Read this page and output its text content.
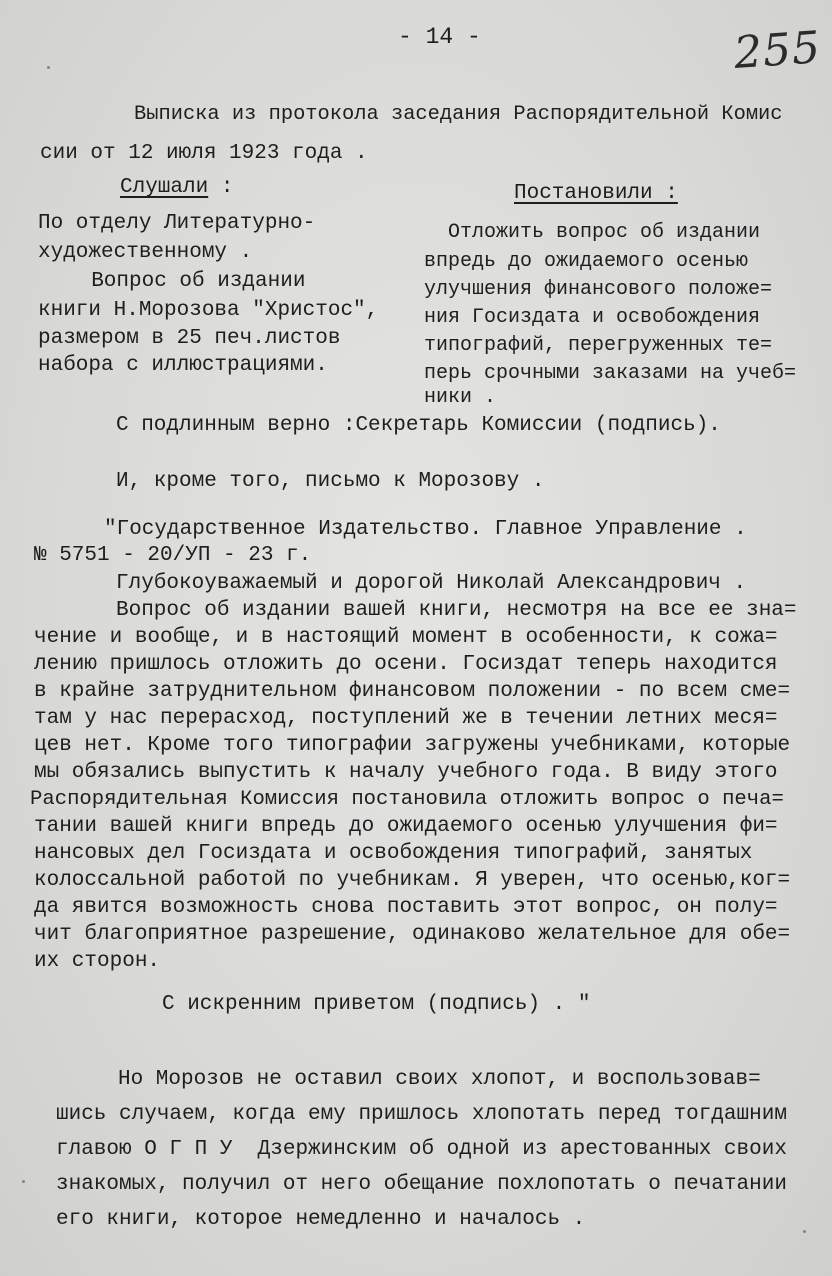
- 14 -	255
Выписка из протокола заседания Распорядительной Комис
сии от 12 июля 1923 года .
Слушали :	Постановили :
По отделу Литературно-
художественному .
Вопрос об издании
книги Н.Морозова "Христос",
размером в 25 печ.листов
набора с иллюстрациями.
Отложить вопрос об издании
впредь до ожидаемого осенью
улучшения финансового положе=
ния Госиздата и освобождения
типографий, перегруженных те=
перь срочными заказами на учеб=
ники .
С подлинным верно :Секретарь Комиссии (подпись).
И, кроме того, письмо к Морозову .
"Государственное Издательство. Главное Управление .
№ 5751 - 20/УП - 23 г.
Глубокоуважаемый и дорогой Николай Александрович .
Вопрос об издании вашей книги, несмотря на все ее зна=
чение и вообще, и в настоящий момент в особенности, к сожа=
лению пришлось отложить до осени. Госиздат теперь находится
в крайне затруднительном финансовом положении - по всем сме=
там у нас перерасход, поступлений же в течении летних меся=
цев нет. Кроме того типографии загружены учебниками, которые
мы обязались выпустить к началу учебного года. В виду этого
Распорядительная Комиссия постановила отложить вопрос о печа=
тании вашей книги впредь до ожидаемого осенью улучшения фи=
нансовых дел Госиздата и освобождения типографий, занятых
колоссальной работой по учебникам. Я уверен, что осенью,ког=
да явится возможность снова поставить этот вопрос, он полу=
чит благоприятное разрешение, одинаково желательное для обе=
их сторон.
С искренним приветом (подпись) . "
Но Морозов не оставил своих хлопот, и воспользовав=
шись случаем, когда ему пришлось хлопотать перед тогдашним
главою О Г П У  Дзержинским об одной из арестованных своих
знакомых, получил от него обещание похлопотать о печатании
его книги, которое немедленно и началось .
